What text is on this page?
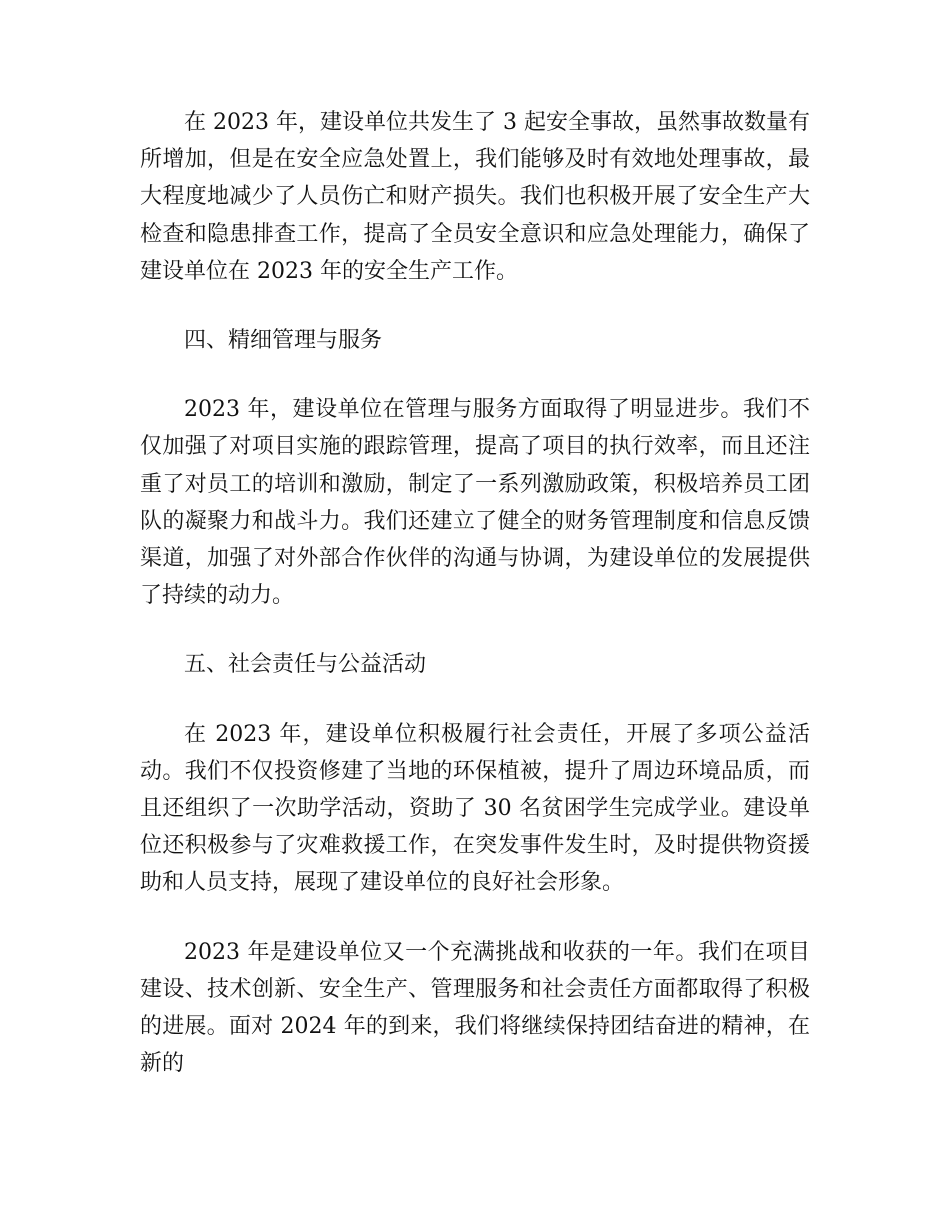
在 2023 年，建设单位共发生了 3 起安全事故，虽然事故数量有所增加，但是在安全应急处置上，我们能够及时有效地处理事故，最大程度地减少了人员伤亡和财产损失。我们也积极开展了安全生产大检查和隐患排查工作，提高了全员安全意识和应急处理能力，确保了建设单位在 2023 年的安全生产工作。

四、精细管理与服务

2023 年，建设单位在管理与服务方面取得了明显进步。我们不仅加强了对项目实施的跟踪管理，提高了项目的执行效率，而且还注重了对员工的培训和激励，制定了一系列激励政策，积极培养员工团队的凝聚力和战斗力。我们还建立了健全的财务管理制度和信息反馈渠道，加强了对外部合作伙伴的沟通与协调，为建设单位的发展提供了持续的动力。

五、社会责任与公益活动

在 2023 年，建设单位积极履行社会责任，开展了多项公益活动。我们不仅投资修建了当地的环保植被，提升了周边环境品质，而且还组织了一次助学活动，资助了 30 名贫困学生完成学业。建设单位还积极参与了灾难救援工作，在突发事件发生时，及时提供物资援助和人员支持，展现了建设单位的良好社会形象。

2023 年是建设单位又一个充满挑战和收获的一年。我们在项目建设、技术创新、安全生产、管理服务和社会责任方面都取得了积极的进展。面对 2024 年的到来，我们将继续保持团结奋进的精神，在新的
